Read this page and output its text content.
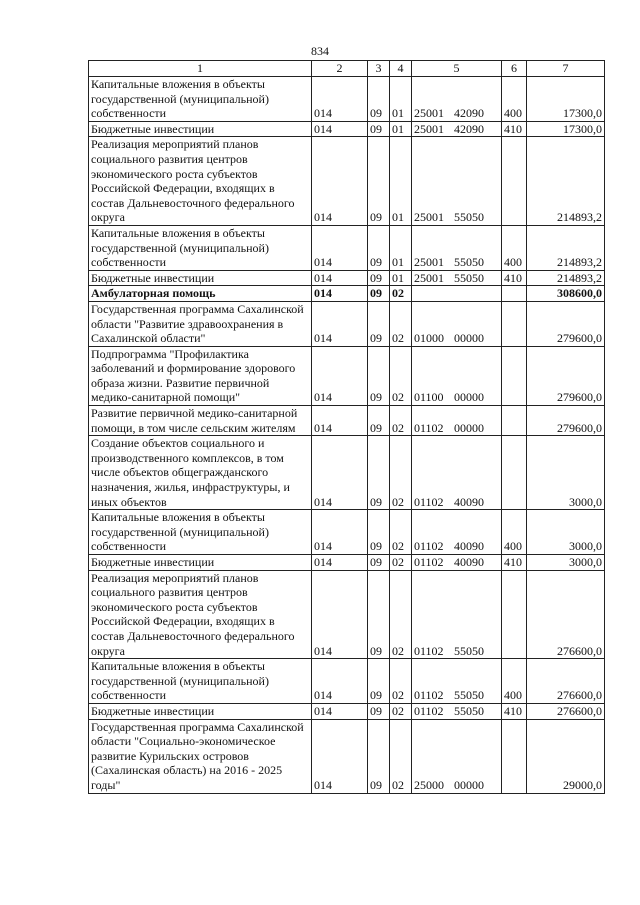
834
1	2	3	4	5	6	7
Капитальные вложения в объекты государственной (муниципальной) собственности	014	09	01	25001 42090	400	17300,0
Бюджетные инвестиции	014	09	01	25001 42090	410	17300,0
Реализация мероприятий планов социального развития центров экономического роста субъектов Российской Федерации, входящих в состав Дальневосточного федерального округа	014	09	01	25001 55050		214893,2
Капитальные вложения в объекты государственной (муниципальной) собственности	014	09	01	25001 55050	400	214893,2
Бюджетные инвестиции	014	09	01	25001 55050	410	214893,2
Амбулаторная помощь	014	09	02			308600,0
Государственная программа Сахалинской области "Развитие здравоохранения в Сахалинской области"	014	09	02	01000 00000		279600,0
Подпрограмма "Профилактика заболеваний и формирование здорового образа жизни. Развитие первичной медико-санитарной помощи"	014	09	02	01100 00000		279600,0
Развитие первичной медико-санитарной помощи, в том числе сельским жителям	014	09	02	01102 00000		279600,0
Создание объектов социального и производственного комплексов, в том числе объектов общегражданского назначения, жилья, инфраструктуры, и иных объектов	014	09	02	01102 40090		3000,0
Капитальные вложения в объекты государственной (муниципальной) собственности	014	09	02	01102 40090	400	3000,0
Бюджетные инвестиции	014	09	02	01102 40090	410	3000,0
Реализация мероприятий планов социального развития центров экономического роста субъектов Российской Федерации, входящих в состав Дальневосточного федерального округа	014	09	02	01102 55050		276600,0
Капитальные вложения в объекты государственной (муниципальной) собственности	014	09	02	01102 55050	400	276600,0
Бюджетные инвестиции	014	09	02	01102 55050	410	276600,0
Государственная программа Сахалинской области "Социально-экономическое развитие Курильских островов (Сахалинская область) на 2016 - 2025 годы"	014	09	02	25000 00000		29000,0
